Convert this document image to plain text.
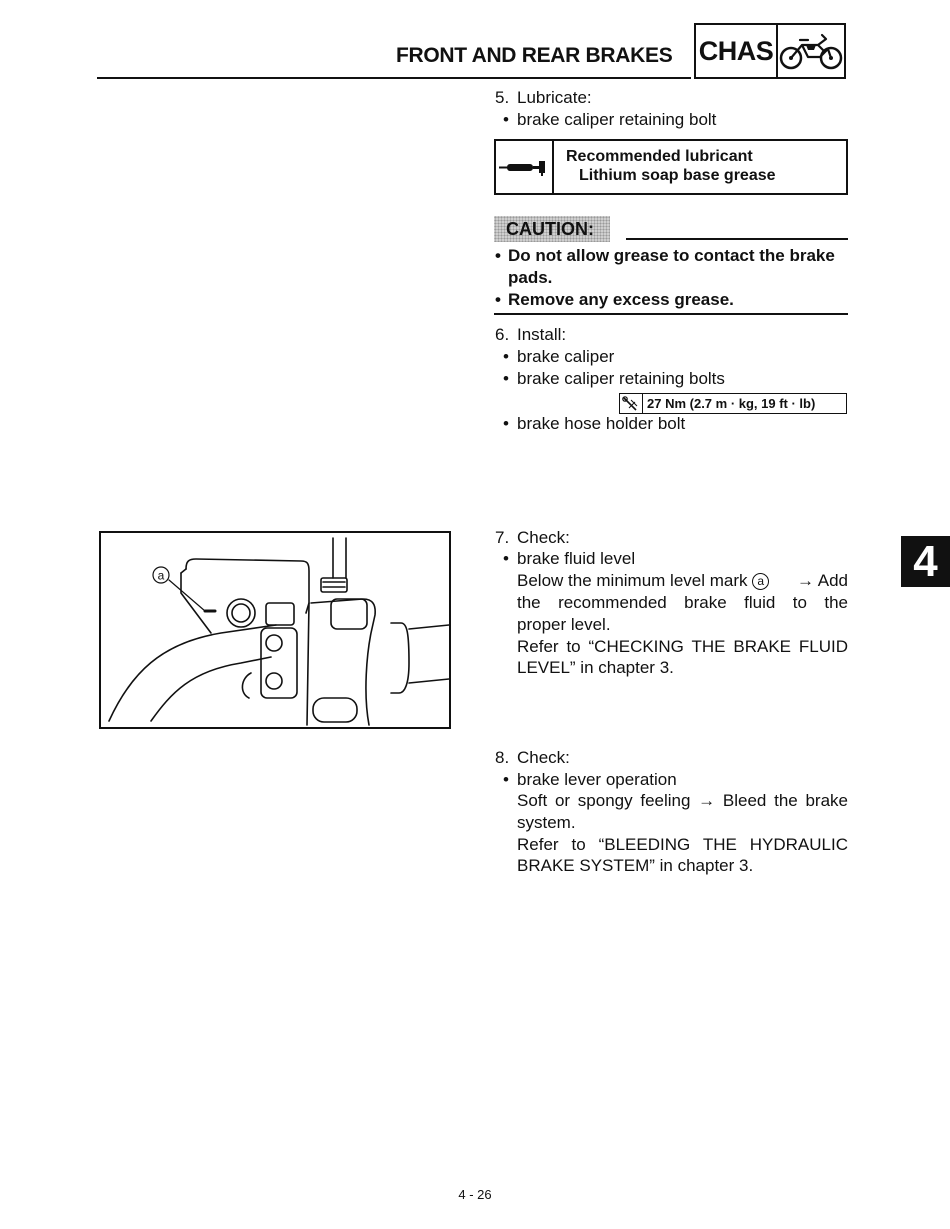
FRONT AND REAR BRAKES CHAS
5. Lubricate:
• brake caliper retaining bolt
Recommended lubricant
Lithium soap base grease
CAUTION:
• Do not allow grease to contact the brake
pads.
• Remove any excess grease.
6. Install:
• brake caliper
• brake caliper retaining bolts
27 Nm (2.7 m · kg, 19 ft · lb)
• brake hose holder bolt
a	4
7. Check:
• brake fluid level
Below the minimum level mark a	→ Add
the recommended brake fluid to the
proper level.
Refer to “CHECKING THE BRAKE FLUID
LEVEL” in chapter 3.
8. Check:
• brake lever operation
Soft or spongy feeling → Bleed the brake
system.
Refer to “BLEEDING THE HYDRAULIC
BRAKE SYSTEM” in chapter 3.
4 - 26
